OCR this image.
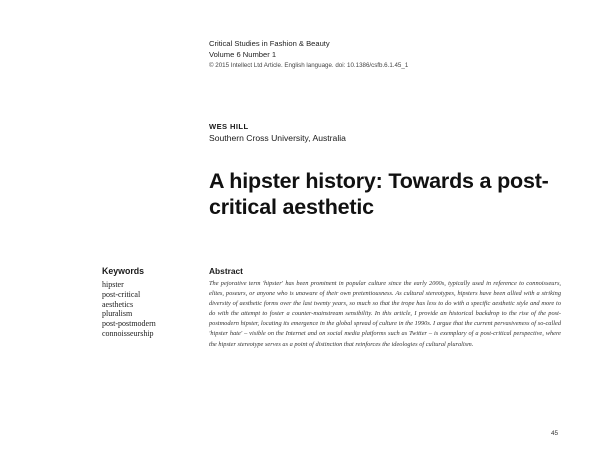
Critical Studies in Fashion & Beauty
Volume 6 Number 1
© 2015 Intellect Ltd Article. English language. doi: 10.1386/csfb.6.1.45_1
WES HILL
Southern Cross University, Australia
A hipster history: Towards a post-critical aesthetic
Keywords
hipster
post-critical
aesthetics
pluralism
post-postmodern
connoisseurship
Abstract
The pejorative term 'hipster' has been prominent in popular culture since the early 2000s, typically used in reference to connoisseurs, elites, poseurs, or anyone who is unaware of their own pretentiousness. As cultural stereotypes, hipsters have been allied with a striking diversity of aesthetic forms over the last twenty years, so much so that the trope has less to do with a specific aesthetic style and more to do with the attempt to foster a counter-mainstream sensibility. In this article, I provide an historical backdrop to the rise of the post-postmodern hipster, locating its emergence in the global spread of culture in the 1990s. I argue that the current pervasiveness of so-called 'hipster hate' – visible on the Internet and on social media platforms such as Twitter – is exemplary of a post-critical perspective, where the hipster stereotype serves as a point of distinction that reinforces the ideologies of cultural pluralism.
45
